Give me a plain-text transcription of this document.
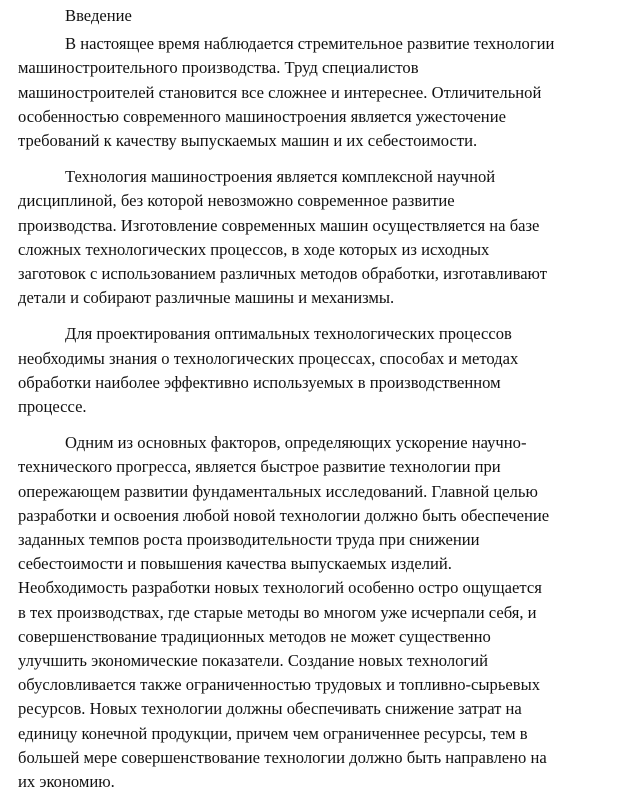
Введение

В настоящее время наблюдается стремительное развитие технологии
машиностроительного производства. Труд специалистов
машиностроителей становится все сложнее и интереснее. Отличительной
особенностью современного машиностроения является ужесточение
требований к качеству выпускаемых машин и их себестоимости.

Технология машиностроения является комплексной научной
дисциплиной, без которой невозможно современное развитие
производства. Изготовление современных машин осуществляется на базе
сложных технологических процессов, в ходе которых из исходных
заготовок с использованием различных методов обработки, изготавливают
детали и собирают различные машины и механизмы.

Для проектирования оптимальных технологических процессов
необходимы знания о технологических процессах, способах и методах
обработки наиболее эффективно используемых в производственном
процессе.

Одним из основных факторов, определяющих ускорение научно-
технического прогресса, является быстрое развитие технологии при
опережающем развитии фундаментальных исследований. Главной целью
разработки и освоения любой новой технологии должно быть обеспечение
заданных темпов роста производительности труда при снижении
себестоимости и повышения качества выпускаемых изделий.
Необходимость разработки новых технологий особенно остро ощущается
в тех производствах, где старые методы во многом уже исчерпали себя, и
совершенствование традиционных методов не может существенно
улучшить экономические показатели. Создание новых технологий
обусловливается также ограниченностью трудовых и топливно-сырьевых
ресурсов. Новых технологии должны обеспечивать снижение затрат на
единицу конечной продукции, причем чем ограниченнее ресурсы, тем в
большей мере совершенствование технологии должно быть направлено на
их экономию.
